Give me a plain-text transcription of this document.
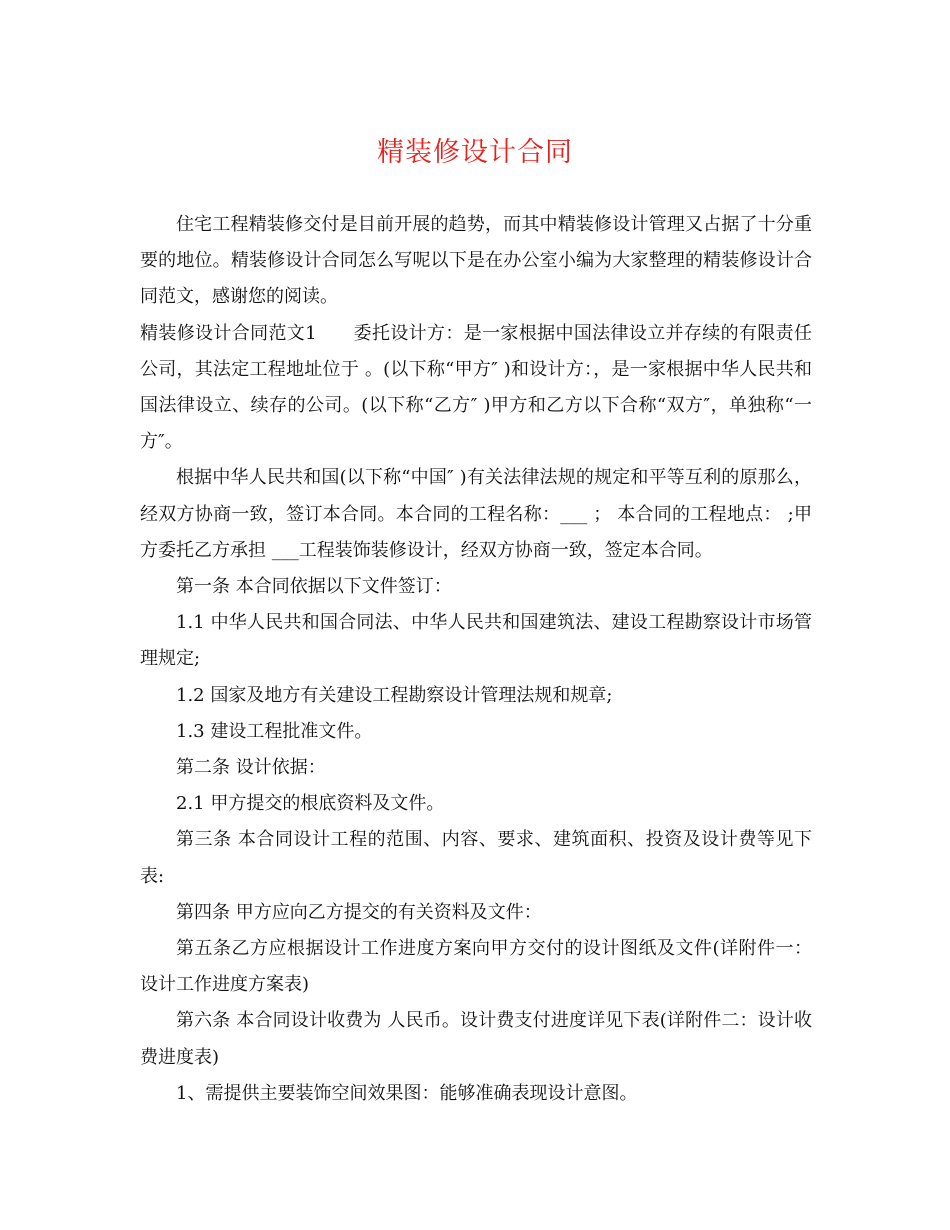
精装修设计合同

住宅工程精装修交付是目前开展的趋势，而其中精装修设计管理又占据了十分重要的地位。精装修设计合同怎么写呢以下是在办公室小编为大家整理的精装修设计合同范文，感谢您的阅读。

精装修设计合同范文1　　委托设计方：是一家根据中国法律设立并存续的有限责任公司，其法定工程地址位于 。(以下称“甲方″ )和设计方：，是一家根据中华人民共和国法律设立、续存的公司。(以下称“乙方″ )甲方和乙方以下合称“双方″，单独称“一方″。

根据中华人民共和国(以下称“中国″ )有关法律法规的规定和平等互利的原那么，经双方协商一致，签订本合同。本合同的工程名称：___ ； 本合同的工程地点： ;甲方委托乙方承担 ___工程装饰装修设计，经双方协商一致，签定本合同。

第一条 本合同依据以下文件签订：

1.1 中华人民共和国合同法、中华人民共和国建筑法、建设工程勘察设计市场管理规定;

1.2 国家及地方有关建设工程勘察设计管理法规和规章;

1.3 建设工程批准文件。

第二条 设计依据：

2.1 甲方提交的根底资料及文件。

第三条 本合同设计工程的范围、内容、要求、建筑面积、投资及设计费等见下表:

第四条 甲方应向乙方提交的有关资料及文件：

第五条乙方应根据设计工作进度方案向甲方交付的设计图纸及文件(详附件一：设计工作进度方案表)

第六条 本合同设计收费为 人民币。设计费支付进度详见下表(详附件二：设计收费进度表)

1、需提供主要装饰空间效果图：能够准确表现设计意图。
